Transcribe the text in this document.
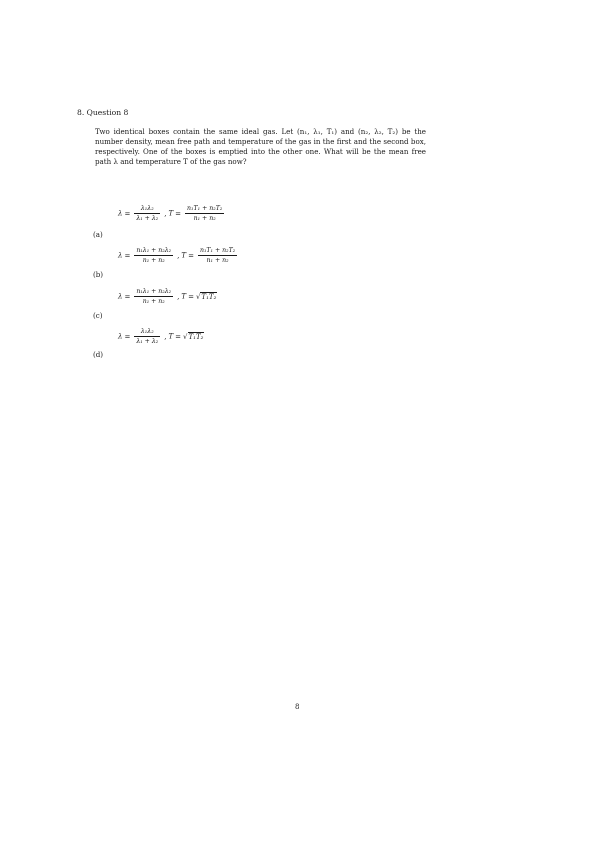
8. Question 8
Two identical boxes contain the same ideal gas. Let (n₁, λ₁, T₁) and (n₂, λ₂, T₂) be the number density, mean free path and temperature of the gas in the first and the second box, respectively. One of the boxes is emptied into the other one. What will be the mean free path λ and temperature T of the gas now?
(a)
$\lambda = \frac{\text{λ₁λ₂}}{\text{λ₁ + λ₂}}$ , $T = \frac{\text{n₁T₁ + n₂T₂}}{\text{n₁ + n₂}}$
(b)
$\lambda = \frac{\text{n₁λ₁ + n₂λ₂}}{\text{n₁ + n₂}}$ , $T = \frac{\text{n₁T₁ + n₂T₂}}{\text{n₁ + n₂}}$
(c)
$\lambda = \frac{\text{n₁λ₁ + n₂λ₂}}{\text{n₁ + n₂}}$ , T = √T₁T₂
(d)
$\lambda = \frac{\text{λ₁λ₂}}{\text{λ₁ + λ₂}}$ , T = √T₁T₂
8
